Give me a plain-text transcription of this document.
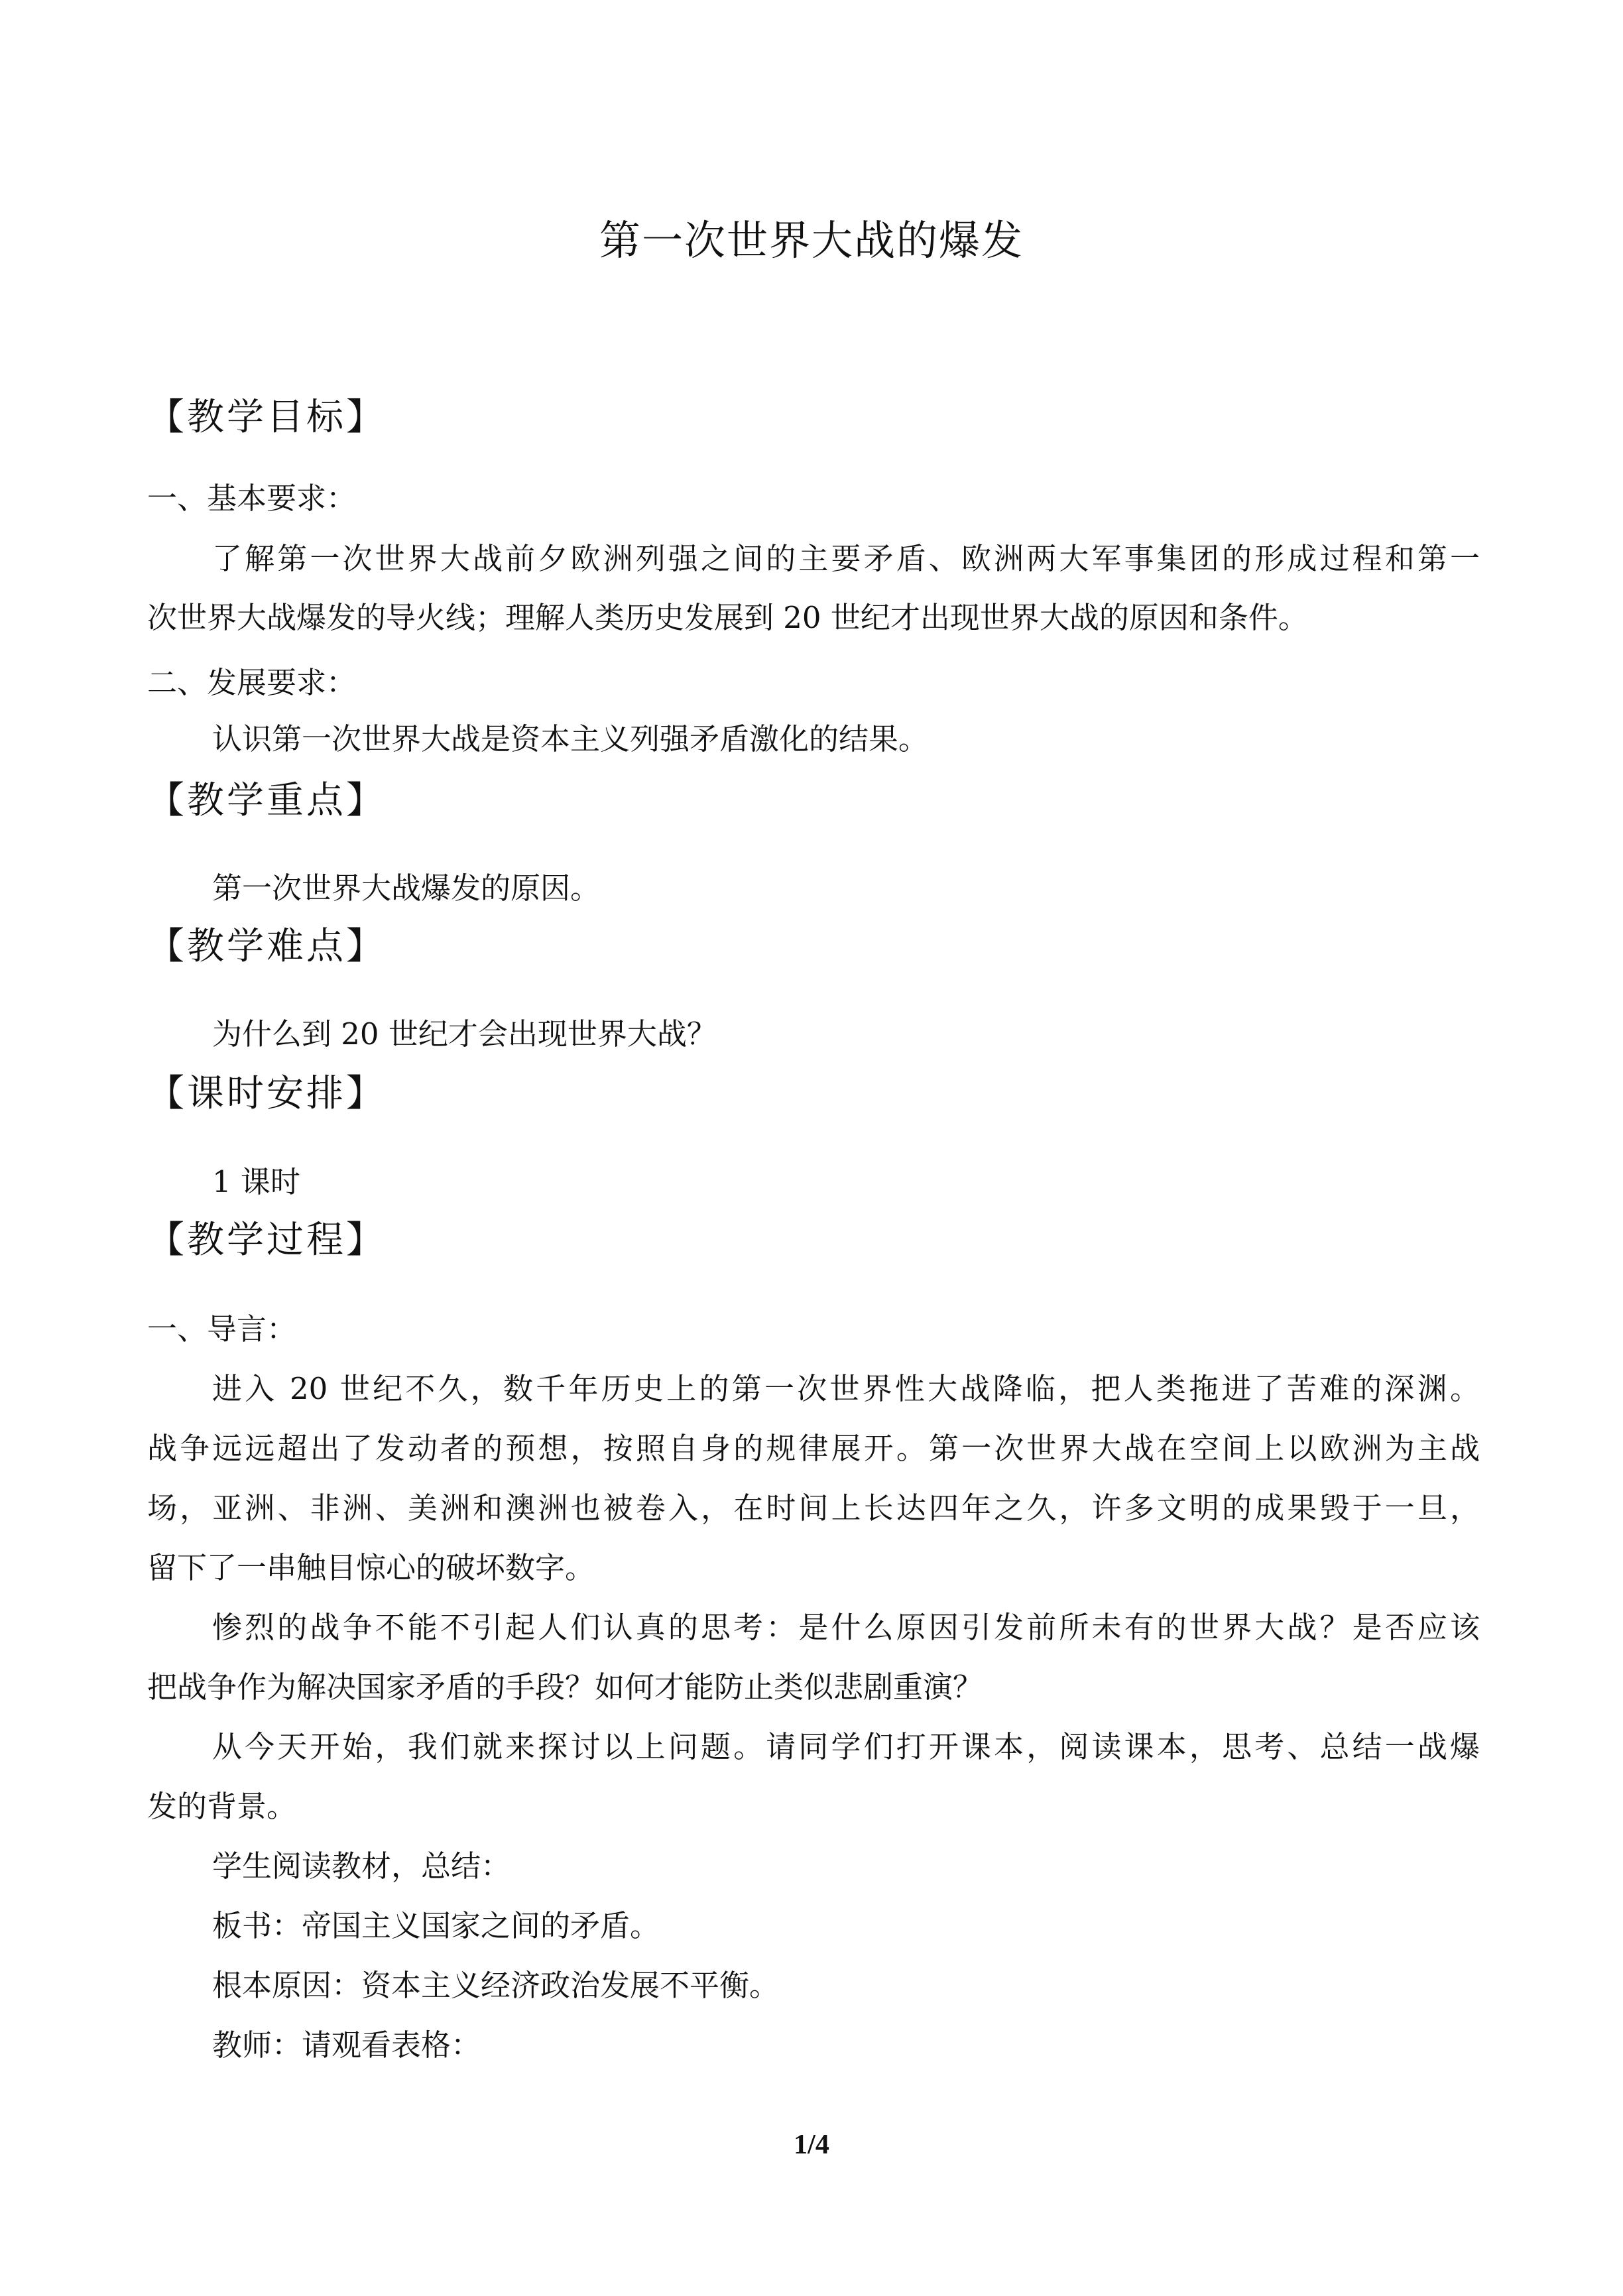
第一次世界大战的爆发
【教学目标】
一、基本要求：
了解第一次世界大战前夕欧洲列强之间的主要矛盾、欧洲两大军事集团的形成过程和第一
次世界大战爆发的导火线；理解人类历史发展到 20 世纪才出现世界大战的原因和条件。
二、发展要求：
认识第一次世界大战是资本主义列强矛盾激化的结果。
【教学重点】
第一次世界大战爆发的原因。
【教学难点】
为什么到 20 世纪才会出现世界大战？
【课时安排】
1 课时
【教学过程】
一、导言：
进入 20 世纪不久，数千年历史上的第一次世界性大战降临，把人类拖进了苦难的深渊。
战争远远超出了发动者的预想，按照自身的规律展开。第一次世界大战在空间上以欧洲为主战
场，亚洲、非洲、美洲和澳洲也被卷入，在时间上长达四年之久，许多文明的成果毁于一旦，
留下了一串触目惊心的破坏数字。
惨烈的战争不能不引起人们认真的思考：是什么原因引发前所未有的世界大战？是否应该
把战争作为解决国家矛盾的手段？如何才能防止类似悲剧重演？
从今天开始，我们就来探讨以上问题。请同学们打开课本，阅读课本，思考、总结一战爆
发的背景。
学生阅读教材，总结：
板书：帝国主义国家之间的矛盾。
根本原因：资本主义经济政治发展不平衡。
教师：请观看表格：
1/4
